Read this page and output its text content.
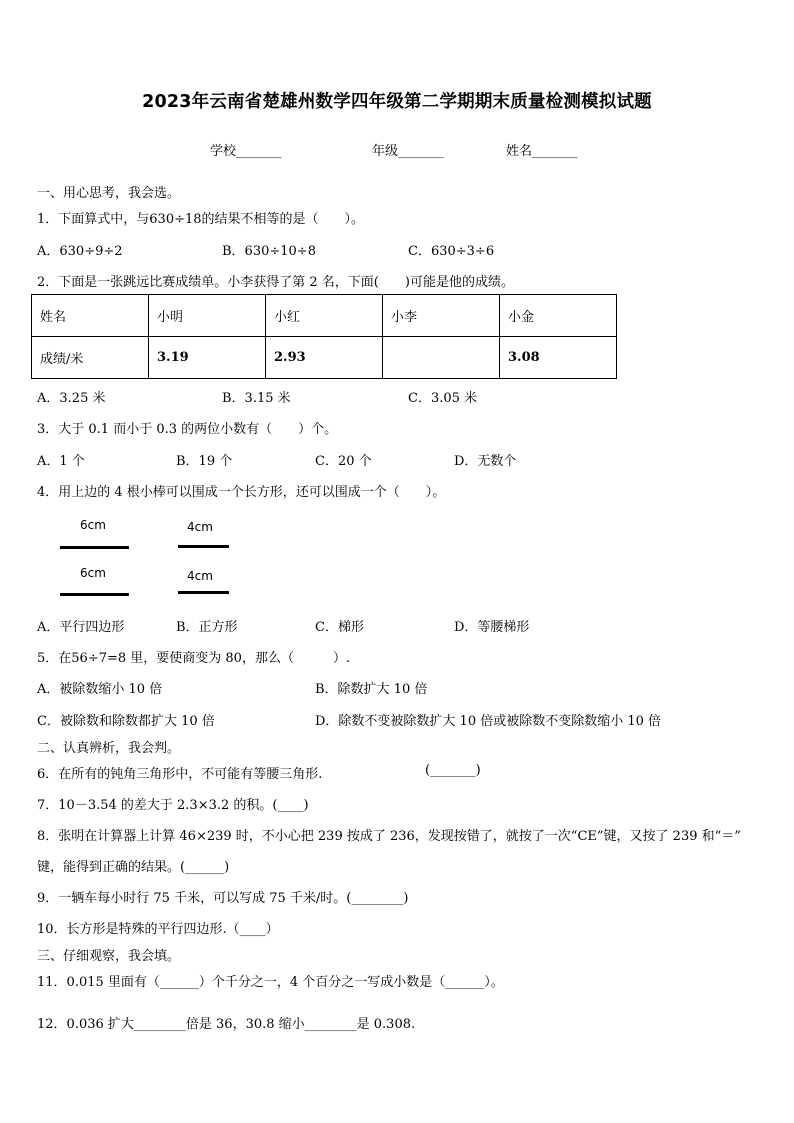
2023年云南省楚雄州数学四年级第二学期期末质量检测模拟试题
学校_______	年级_______	姓名_______
一、用心思考，我会选。
1．下面算式中，与630÷18的结果不相等的是（　　）。
A．630÷9÷2	B．630÷10÷8	C．630÷3÷6
2．下面是一张跳远比赛成绩单。小李获得了第 2 名，下面(　　)可能是他的成绩。
姓名	小明	小红	小李	小金
成绩/米	3.19	2.93		3.08
A．3.25 米	B．3.15 米	C．3.05 米
3．大于 0.1 而小于 0.3 的两位小数有（　　）个。
A．1 个	B．19 个	C．20 个	D．无数个
4．用上边的 4 根小棒可以围成一个长方形，还可以围成一个（　　）。
6cm	4cm
6cm	4cm
A．平行四边形	B．正方形	C．梯形	D．等腰梯形
5．在56÷7=8 里，要使商变为 80，那么（　　　）.
A．被除数缩小 10 倍	B．除数扩大 10 倍
C．被除数和除数都扩大 10 倍	D．除数不变被除数扩大 10 倍或被除数不变除数缩小 10 倍
二、认真辨析，我会判。
6．在所有的钝角三角形中，不可能有等腰三角形.	(_______)
7．10－3.54 的差大于 2.3×3.2 的积。(____)
8．张明在计算器上计算 46×239 时，不小心把 239 按成了 236，发现按错了，就按了一次“CE”键，又按了 239 和“＝”
键，能得到正确的结果。(______)
9．一辆车每小时行 75 千米，可以写成 75 千米/时。(________)
10．长方形是特殊的平行四边形.（____）
三、仔细观察，我会填。
11．0.015 里面有（______）个千分之一，4 个百分之一写成小数是（______）。
12．0.036 扩大________倍是 36，30.8 缩小________是 0.308.
